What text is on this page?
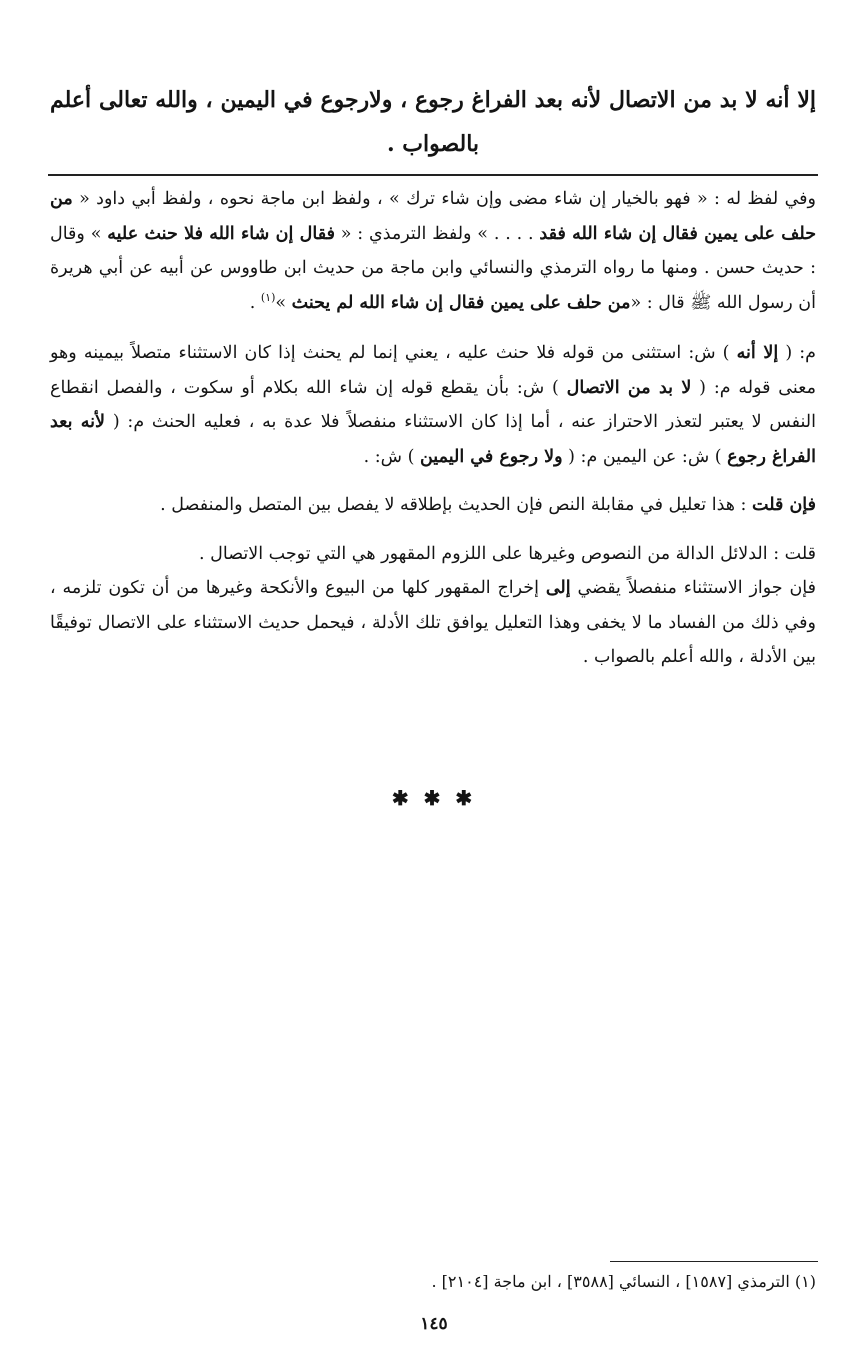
إلا أنه لا بد من الاتصال لأنه بعد الفراغ رجوع ، ولارجوع في اليمين ، والله تعالى أعلم بالصواب .

وفي لفظ له : « فهو بالخيار إن شاء مضى وإن شاء ترك » ، ولفظ ابن ماجة نحوه ، ولفظ أبي داود « من حلف على يمين فقال إن شاء الله فقد . . . . » ولفظ الترمذي : « فقال إن شاء الله فلا حنث عليه » وقال : حديث حسن . ومنها ما رواه الترمذي والنسائي وابن ماجة من حديث ابن طاووس عن أبيه عن أبي هريرة أن رسول الله ﷺ قال : «من حلف على يمين فقال إن شاء الله لم يحنث »$^{(١)}$ .

م: ( إلا أنه ) ش: استثنى من قوله فلا حنث عليه ، يعني إنما لم يحنث إذا كان الاستثناء متصلاً بيمينه وهو معنى قوله م: ( لا بد من الاتصال ) ش: بأن يقطع قوله إن شاء الله بكلام أو سكوت ، والفصل انقطاع النفس لا يعتبر لتعذر الاحتراز عنه ، أما إذا كان الاستثناء منفصلاً فلا عدة به ، فعليه الحنث م: ( لأنه بعد الفراغ رجوع ) ش: عن اليمين م: ( ولا رجوع في اليمين ) ش: .

فإن قلت : هذا تعليل في مقابلة النص فإن الحديث بإطلاقه لا يفصل بين المتصل والمنفصل .

قلت : الدلائل الدالة من النصوص وغيرها على اللزوم المقهور هي التي توجب الاتصال .

فإن جواز الاستثناء منفصلاً يقضي إلى إخراج المقهور كلها من البيوع والأنكحة وغيرها من أن تكون تلزمه ، وفي ذلك من الفساد ما لا يخفى وهذا التعليل يوافق تلك الأدلة ، فيحمل حديث الاستثناء على الاتصال توفيقًا بين الأدلة ، والله أعلم بالصواب .

✱ ✱ ✱

(١) الترمذي [١٥٨٧] ، النسائي [٣٥٨٨] ، ابن ماجة [٢١٠٤] .

١٤٥
